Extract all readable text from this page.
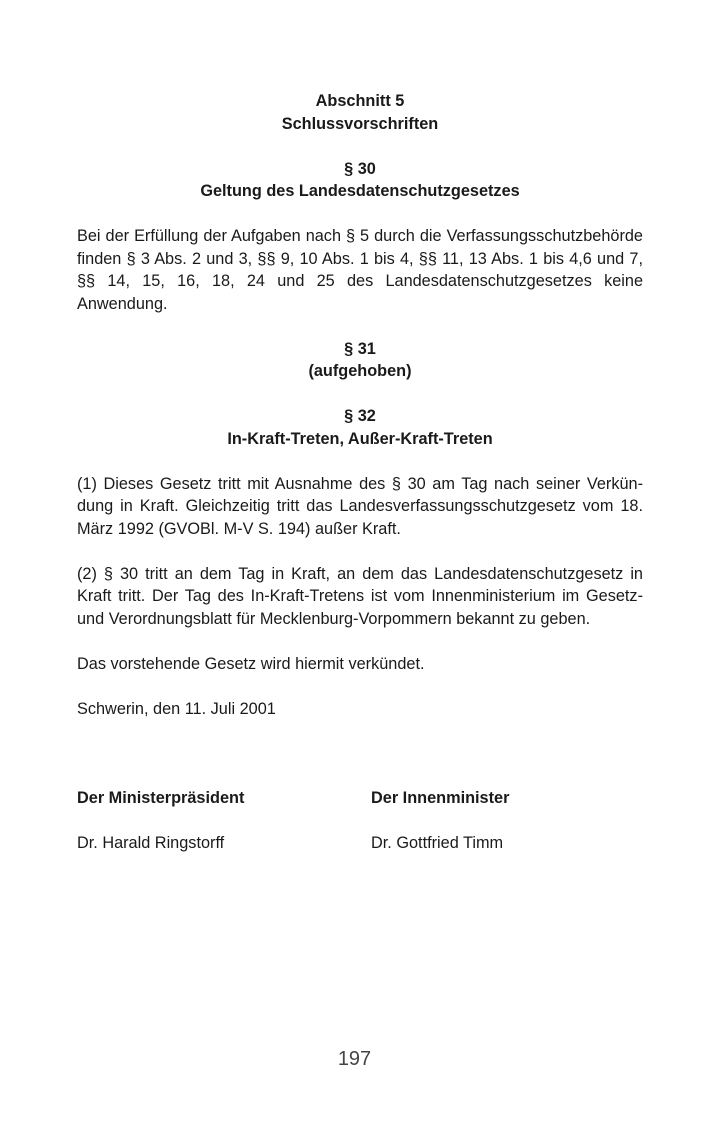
Abschnitt 5
Schlussvorschriften
§ 30
Geltung des Landesdatenschutzgesetzes
Bei der Erfüllung der Aufgaben nach § 5 durch die Verfassungsschutzbehörde finden § 3 Abs. 2 und 3, §§ 9, 10 Abs. 1 bis 4, §§ 11, 13 Abs. 1 bis 4,6 und 7, §§ 14, 15, 16, 18, 24 und 25 des Landesdatenschutzgesetzes keine Anwendung.
§ 31
(aufgehoben)
§ 32
In-Kraft-Treten, Außer-Kraft-Treten
(1) Dieses Gesetz tritt mit Ausnahme des § 30 am Tag nach seiner Verkündung in Kraft. Gleichzeitig tritt das Landesverfassungsschutzgesetz vom 18. März 1992 (GVOBl. M-V S. 194) außer Kraft.
(2) § 30 tritt an dem Tag in Kraft, an dem das Landesdatenschutzgesetz in Kraft tritt. Der Tag des In-Kraft-Tretens ist vom Innenministerium im Gesetz- und Verordnungsblatt für Mecklenburg-Vorpommern bekannt zu geben.
Das vorstehende Gesetz wird hiermit verkündet.
Schwerin, den 11. Juli 2001
Der Ministerpräsident	Der Innenminister
Dr. Harald Ringstorff	Dr. Gottfried Timm
197
